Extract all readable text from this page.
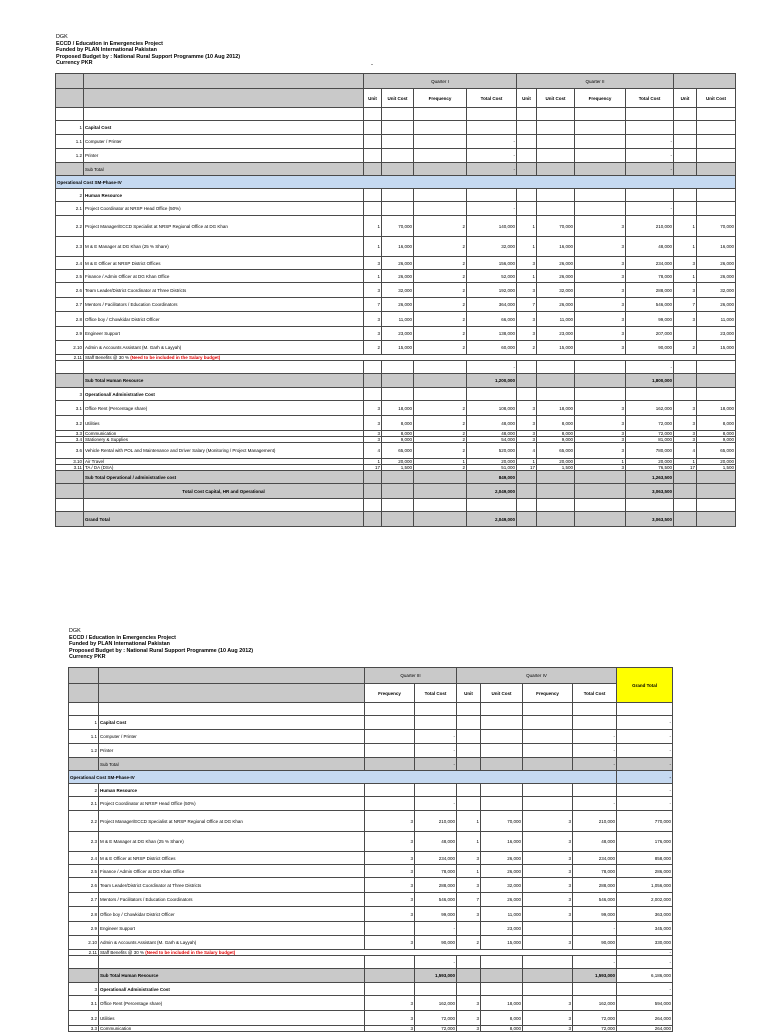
DGK
ECCD / Education in Emergencies Project
Funded by PLAN International Pakistan
Proposed Budget by : National Rural Support Programme (10 Aug 2012)
Currency PKR	-
		Quarter I				Quarter II					
		Unit	Unit Cost	Frequency	Total Cost	Unit	Unit Cost	Frequency	Total Cost	Unit	Unit Cost

1	Capital Cost										
1.1	Computer / Printer				-				-		
1.2	Printer				-				-		
	Sub Total				-				-		
Operational Cost SM-Phase-IV											
2	Human Resource										
2.1	Project Coordinator at NRSP Head Office (50%)				-				-		
2.2	Project Manager/ECCD Specialist at NRSP Regional Office at DG Khan	1	70,000	2	140,000	1	70,000	3	210,000	1	70,000
2.3	M & E Manager at DG Khan (25 % Share)	1	16,000	2	32,000	1	16,000	3	48,000	1	16,000
2.4	M & E Officer at NRSP District Offices	3	26,000	2	156,000	3	26,000	3	234,000	3	26,000
2.5	Finance / Admin Officer at DG Khan Office	1	26,000	2	52,000	1	26,000	3	78,000	1	26,000
2.6	Team Leader/District Coordinator at Three Districts	3	32,000	2	192,000	3	32,000	3	288,000	3	32,000
2.7	Mentors / Facilitators / Education Coordinators	7	26,000	2	364,000	7	26,000	3	546,000	7	26,000
2.8	Office boy / Chowkidar District Officer	3	11,000	2	66,000	3	11,000	3	99,000	3	11,000
2.9	Engineer Support	3	23,000	2	138,000	3	23,000	3	207,000		23,000
2.10	Admin & Accounts Assistant (M. Garh & Layyah)	2	15,000	2	60,000	2	15,000	3	90,000	2	15,000
2.11	Staff Benefits @ 30 % (Need to be included in the Salary budget)										
					-				-		
	Sub Total Human Resource				1,200,000				1,800,000		
3	Operational/ Administrative Cost										
3.1	Office Rent (Percentage share)	3	18,000	2	108,000	3	18,000	3	162,000	3	18,000
3.2	Utilities	3	8,000	2	48,000	3	8,000	3	72,000	3	8,000
3.3	Communication	3	8,000	2	48,000	3	8,000	3	72,000	3	8,000
3.4	Stationery & Supplies	3	9,000	2	54,000	3	9,000	3	81,000	3	9,000
3.6	Vehicle Rental with POL and Maintenance and Driver Salary (Monitoring / Project Management)	4	65,000	2	520,000	4	65,000	3	780,000	4	65,000
3.10	Air Travel	1	20,000	1	20,000	1	20,000	1	20,000	1	20,000
3.11	TA / DA (DSA)	17	1,500	2	51,000	17	1,500	3	76,500	17	1,500
	Sub Total Operational / administrative cost				849,000				1,263,500		
	Total Cost Capital, HR and Operational				2,049,000				3,063,500		

	Grand Total				2,049,000				3,063,500		
DGK
ECCD / Education in Emergencies Project
Funded by PLAN International Pakistan
Proposed Budget by : National Rural Support Programme (10 Aug 2012)
Currency PKR
		Quarter III		Quarter IV				Grand Total
		Frequency	Total Cost	Unit	Unit Cost	Frequency	Total Cost	

1	Capital Cost							-
1.1	Computer / Printer		-				-	-
1.2	Printer		-				-	-
	Sub Total		-				-	-
Operational Cost SM-Phase-IV								-
2	Human Resource							-
2.1	Project Coordinator at NRSP Head Office (50%)		-				-	-
2.2	Project Manager/ECCD Specialist at NRSP Regional Office at DG Khan	3	210,000	1	70,000	3	210,000	770,000
2.3	M & E Manager at DG Khan (25 % Share)	3	48,000	1	16,000	3	48,000	176,000
2.4	M & E Officer at NRSP District Offices	3	234,000	3	26,000	3	234,000	858,000
2.5	Finance / Admin Officer at DG Khan Office	3	78,000	1	26,000	3	78,000	286,000
2.6	Team Leader/District Coordinator at Three Districts	3	288,000	3	32,000	3	288,000	1,056,000
2.7	Mentors / Facilitators / Education Coordinators	3	546,000	7	26,000	3	546,000	2,002,000
2.8	Office boy / Chowkidar District Officer	3	99,000	3	11,000	3	99,000	363,000
2.9	Engineer Support		-		23,000		-	345,000
2.10	Admin & Accounts Assistant (M. Garh & Layyah)	3	90,000	2	15,000	3	90,000	330,000
2.11	Staff Benefits @ 30 % (Need to be included in the Salary budget)							-
			-				-	-
	Sub Total Human Resource		1,593,000				1,593,000	6,186,000
3	Operational/ Administrative Cost							-
3.1	Office Rent (Percentage share)	3	162,000	3	18,000	3	162,000	594,000
3.2	Utilities	3	72,000	3	8,000	3	72,000	264,000
3.3	Communication	3	72,000	3	8,000	3	72,000	264,000
